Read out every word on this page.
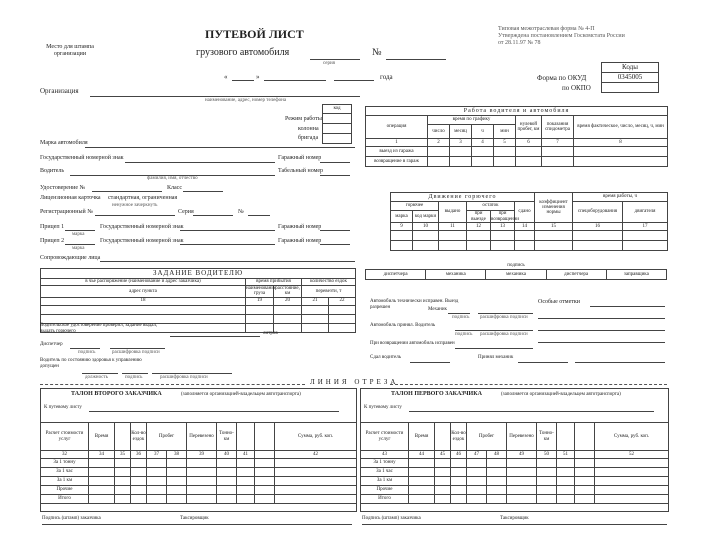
Место для штампа организации
ПУТЕВОЙ ЛИСТ
грузового автомобиля	№
серия
Типовая межотраслевая форма № 4-П
Утверждена постановлением Госкомстата России
от 28.11.97 № 78
«	»	года	Форма по ОКУД
по ОКПО
Коды
0345005

Организация
наименование, адрес, номер телефона
Режим работы
колонна
бригада
код

Марка автомобиля
Государственный номерной знак	Гаражный номер
Водитель
фамилия, имя, отчество
Табельный номер
Удостоверение №	Класс
Лицензионная карточка стандартная, ограниченная
ненужное зачеркнуть
Регистрационный №	Серия	№
Прицеп 1
марка
Государственный номерной знак	Гаражный номер
Прицеп 2
марка
Государственный номерной знак	Гаражный номер
Сопровождающие лица
Работа водителя и автомобиля							
операция	время по графику				нулевой пробег, км	показания спидометра	время фактическое, число, месяц, ч, мин
	число	месяц	ч	мин			
1	2	3	4	5	6	7	8
выезд из гаража							
возвращение в гараж							
Движение горючего						коэффициент изменения нормы	время работы, ч	
горючее		выдано	остаток		сдано		спецоборудования	двигателя
марка	код марки		при выезде	при возвращении				
9	10	11	12	13	14	15	16	17

подпись
диспетчера	механика	механика	диспетчера	заправщика
ЗАДАНИЕ ВОДИТЕЛЮ				
в чье распоряжение (наименование и адрес заказчика)	время прибытия		количество ездок	
адрес пункта	наименование груза	расстояние, км	перевезти, т	
18	19	20	21	22

Водительское удостоверение проверил, задание выдал, выдать горючего	литров
Диспетчер
подпись	расшифровка подписи
Водитель по состоянию здоровья к управлению допущен
должность	подпись	расшифровка подписи
Автомобиль технически исправен. Выезд разрешен	Механик
подпись расшифровка подписи
Автомобиль принял. Водитель
подпись расшифровка подписи
При возвращении автомобиль исправен
Сдал водитель	Принял механик
Особые отметки
ЛИНИЯ ОТРЕЗА
ТАЛОН ВТОРОГО ЗАКАЗЧИКА	(заполняется организацией-владельцем автотранспорта)
К путевому листу
Расчет стоимости услуг	Время		Кол-во ездок	Пробег		Перевезено	Тонно-км			Сумма, руб. коп.
32	34	35	36	37	38	39	40	41		42
За 1 тонну										
За 1 час										
За 1 км										
Прочие										
Итого										
Подпись (штамп) заказчика	Таксировщик
ТАЛОН ПЕРВОГО ЗАКАЗЧИКА	(заполняется организацией-владельцем автотранспорта)
К путевому листу
Расчет стоимости услуг	Время		Кол-во ездок	Пробег		Перевезено	Тонно-км			Сумма, руб. коп.
43	44	45	46	47	48	49	50	51		52
За 1 тонну										
За 1 час										
За 1 км										
Прочие										
Итого										
Подпись (штамп) заказчика	Таксировщик
